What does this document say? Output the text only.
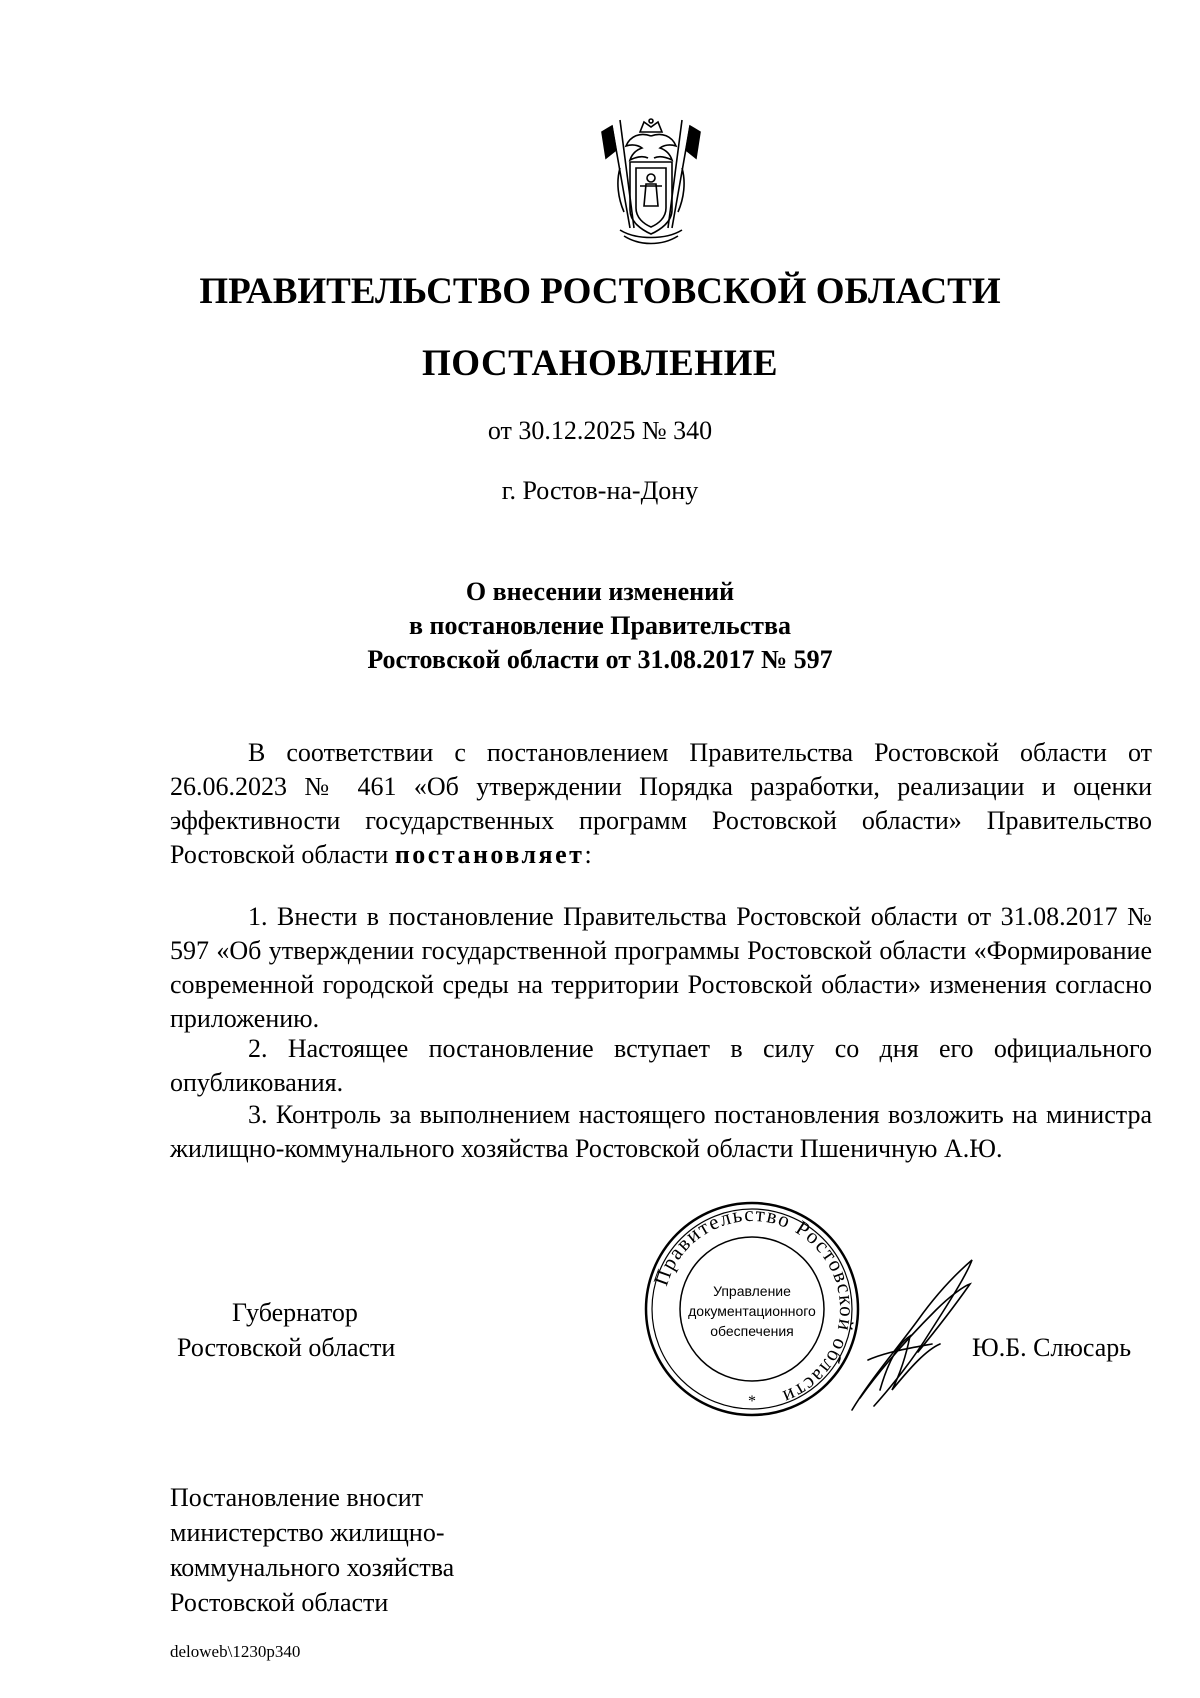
ПРАВИТЕЛЬСТВО РОСТОВСКОЙ ОБЛАСТИ
ПОСТАНОВЛЕНИЕ
от 30.12.2025 № 340
г. Ростов-на-Дону
О внесении изменений
в постановление Правительства
Ростовской области от 31.08.2017 № 597
В соответствии с постановлением Правительства Ростовской области от 26.06.2023 № 461 «Об утверждении Порядка разработки, реализации и оценки эффективности государственных программ Ростовской области» Правительство Ростовской области постановляет:
1. Внести в постановление Правительства Ростовской области от 31.08.2017 № 597 «Об утверждении государственной программы Ростовской области «Формирование современной городской среды на территории Ростовской области» изменения согласно приложению.
2. Настоящее постановление вступает в силу со дня его официального опубликования.
3. Контроль за выполнением настоящего постановления возложить на министра жилищно-коммунального хозяйства Ростовской области Пшеничную А.Ю.
Губернатор
Ростовской области	Ю.Б. Слюсарь
Правительство Ростовской области
Управление
документационного
обеспечения
*
Постановление вносит
министерство жилищно-
коммунального хозяйства
Ростовской области
deloweb\1230p340
